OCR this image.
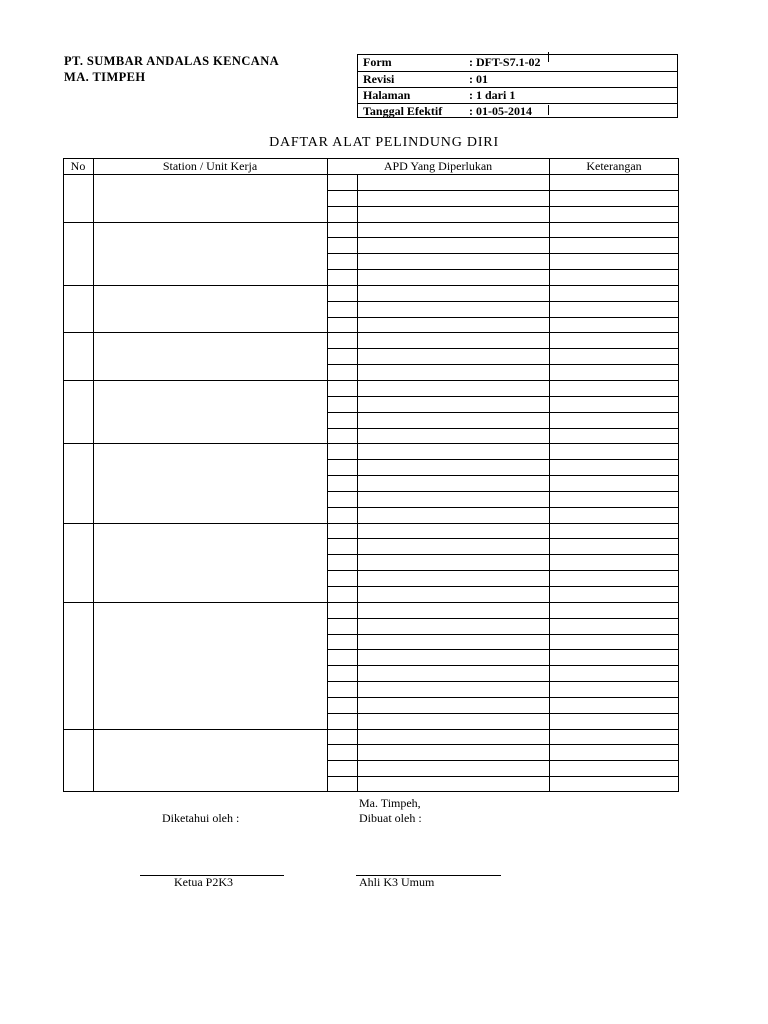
PT. SUMBAR ANDALAS KENCANA
MA. TIMPEH
Form	: DFT-S7.1-02
Revisi	: 01
Halaman	: 1 dari 1
Tanggal Efektif : 01-05-2014
DAFTAR ALAT PELINDUNG DIRI
No	Station / Unit Kerja	APD Yang Diperlukan	Keterangan
Ma. Timpeh,
Diketahui oleh :	Dibuat oleh :
Ketua P2K3	Ahli K3 Umum
